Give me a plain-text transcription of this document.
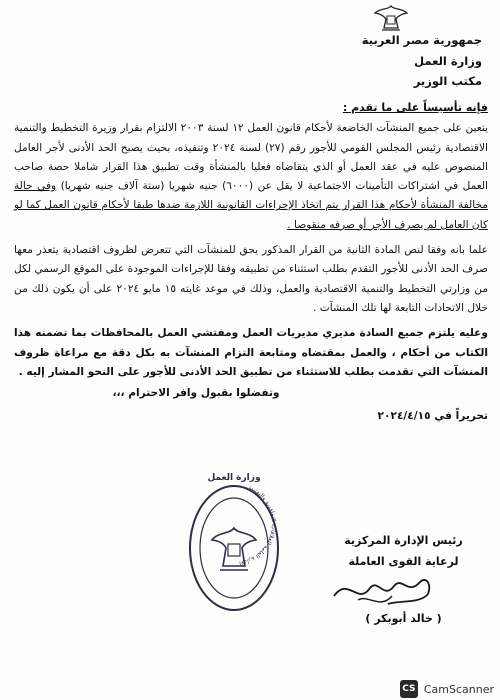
جمهورية مصر العربية
وزارة العمل
مكتب الوزير

فإنه تأسيساً على ما تقدم :

يتعين على جميع المنشآت الخاضعة لأحكام قانون العمل ١٢ لسنة ٢٠٠٣ الالتزام بقرار وزيرة التخطيط والتنمية الاقتصادية رئيس المجلس القومي للأجور رقم (٢٧) لسنة ٢٠٢٤ وتنفيذه، بحيث يصبح الحد الأدنى لأجر العامل المنصوص عليه في عقد العمل أو الذي يتقاضاه فعليا بالمنشأة وقت تطبيق هذا القرار شاملا حصة صاحب العمل في اشتراكات التأمينات الاجتماعية لا يقل عن (٦٠٠٠) جنيه شهريا (ستة آلاف جنيه شهريا) وفي حالة مخالفة المنشأة لأحكام هذا القرار يتم اتخاذ الإجراءات القانونية اللازمة ضدها طبقا لأحكام قانون العمل كما لو كان العامل لم يصرف الأجر أو صرفه منقوصا .

علما بانه وفقا لنص المادة الثانية من القرار المذكور يحق للمنشآت التي تتعرض لظروف اقتصادية يتعذر معها صرف الحد الأدنى للأجور التقدم بطلب استثناء من تطبيقه وفقا للإجراءات الموجودة على الموقع الرسمي لكل من وزارتي التخطيط والتنمية الاقتصادية والعمل، وذلك في موعد غايته ١٥ مايو ٢٠٢٤ على أن يكون ذلك من خلال الاتحادات التابعة لها تلك المنشآت .

وعليه يلتزم جميع السادة مديري مديريات العمل ومفتشي العمل بالمحافظات بما تضمنه هذا الكتاب من أحكام ، والعمل بمقتضاه ومتابعة التزام المنشآت به بكل دقة مع مراعاة ظروف المنشآت التي تقدمت بطلب للاستثناء من تطبيق الحد الأدنى للأجور على النحو المشار إليه .

وتفضلوا بقبول وافر الاحترام ،،،

تحريراً في ٢٠٢٤/٤/١٥

رئيس الإدارة المركزية
لرعاية القوى العاملة
( خالد أبوبكر )
وزارة العمل
الإدارة العامة للعلاقات التعاقدية والتفتيش
CS CamScanner
